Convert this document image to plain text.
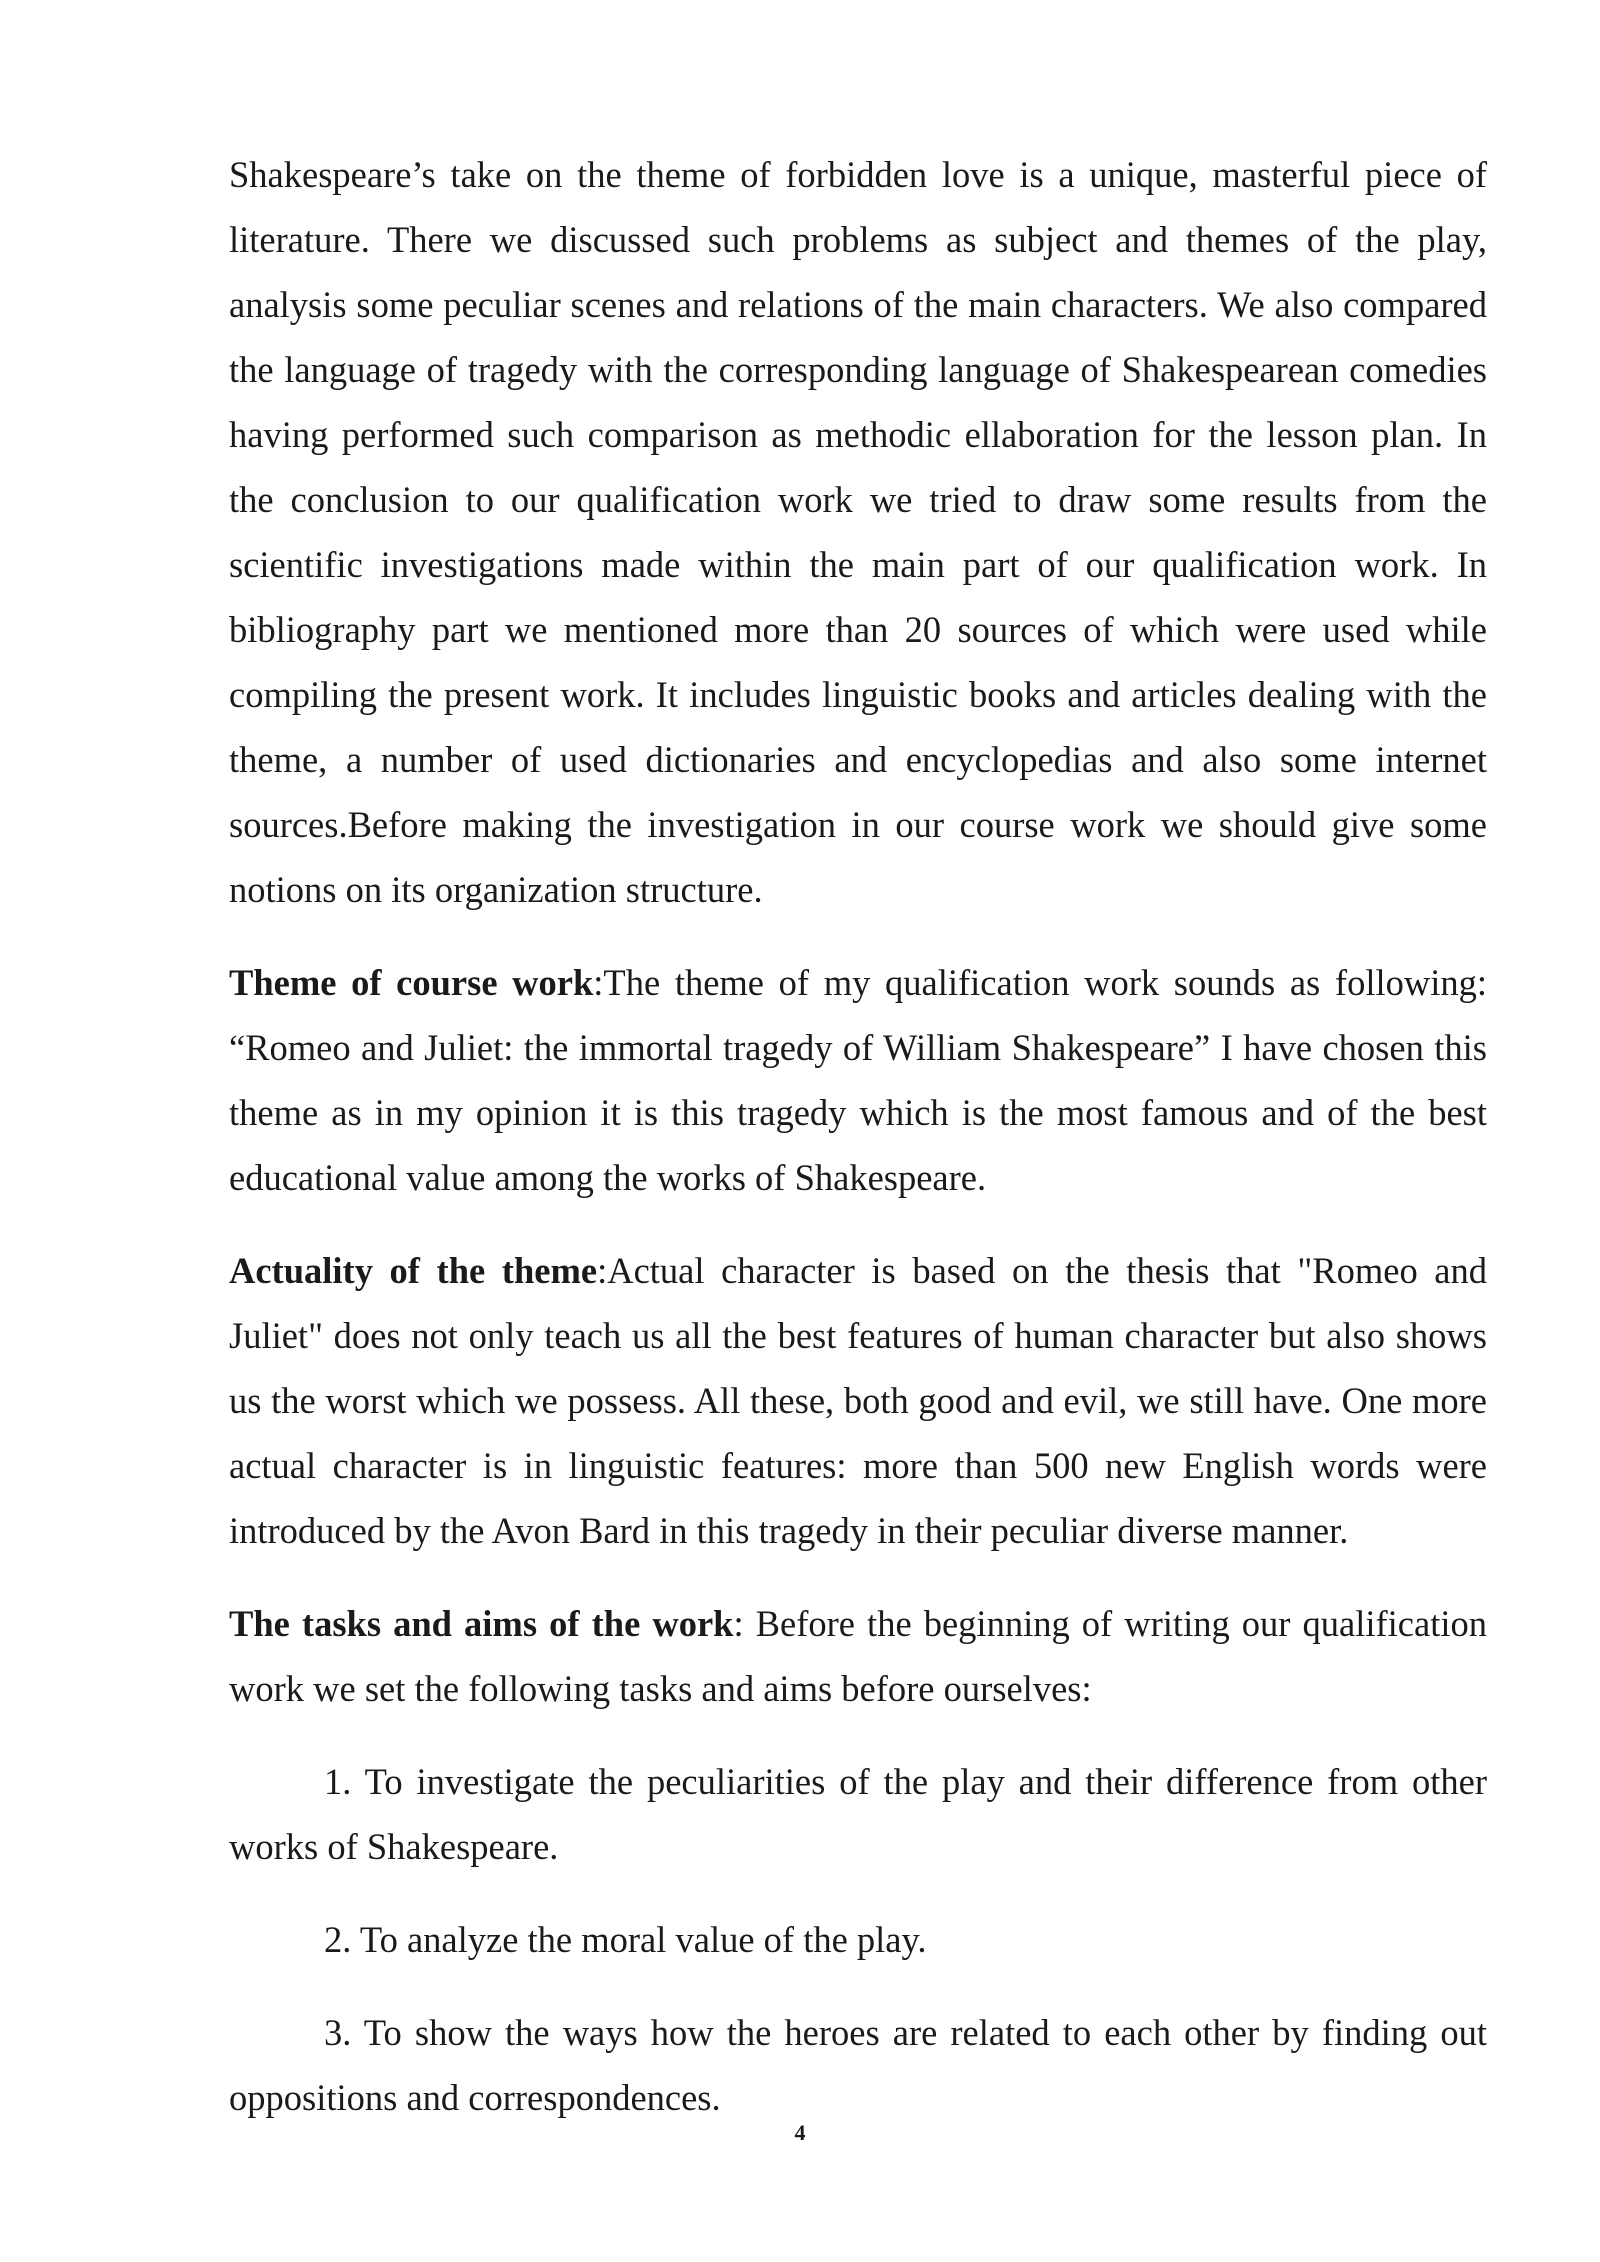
Shakespeare’s take on the theme of forbidden love is a unique, masterful piece of literature. There we discussed such problems as subject and themes of the play, analysis some peculiar scenes and relations of the main characters. We also compared the language of tragedy with the corresponding language of Shakespearean comedies having performed such comparison as methodic ellaboration for the lesson plan. In the conclusion to our qualification work we tried to draw some results from the scientific investigations made within the main part of our qualification work. In bibliography part we mentioned more than 20 sources of which were used while compiling the present work. It includes linguistic books and articles dealing with the theme, a number of used dictionaries and encyclopedias and also some internet sources.Before making the investigation in our course work we should give some notions on its organization structure.

Theme of course work:The theme of my qualification work sounds as following: “Romeo and Juliet: the immortal tragedy of William Shakespeare” I have chosen this theme as in my opinion it is this tragedy which is the most famous and of the best educational value among the works of Shakespeare.

Actuality of the theme:Actual character is based on the thesis that "Romeo and Juliet" does not only teach us all the best features of human character but also shows us the worst which we possess. All these, both good and evil, we still have. One more actual character is in linguistic features: more than 500 new English words were introduced by the Avon Bard in this tragedy in their peculiar diverse manner.

The tasks and aims of the work: Before the beginning of writing our qualification work we set the following tasks and aims before ourselves:

1. To investigate the peculiarities of the play and their difference from other works of Shakespeare.

2. To analyze the moral value of the play.

3. To show the ways how the heroes are related to each other by finding out oppositions and correspondences.

4
